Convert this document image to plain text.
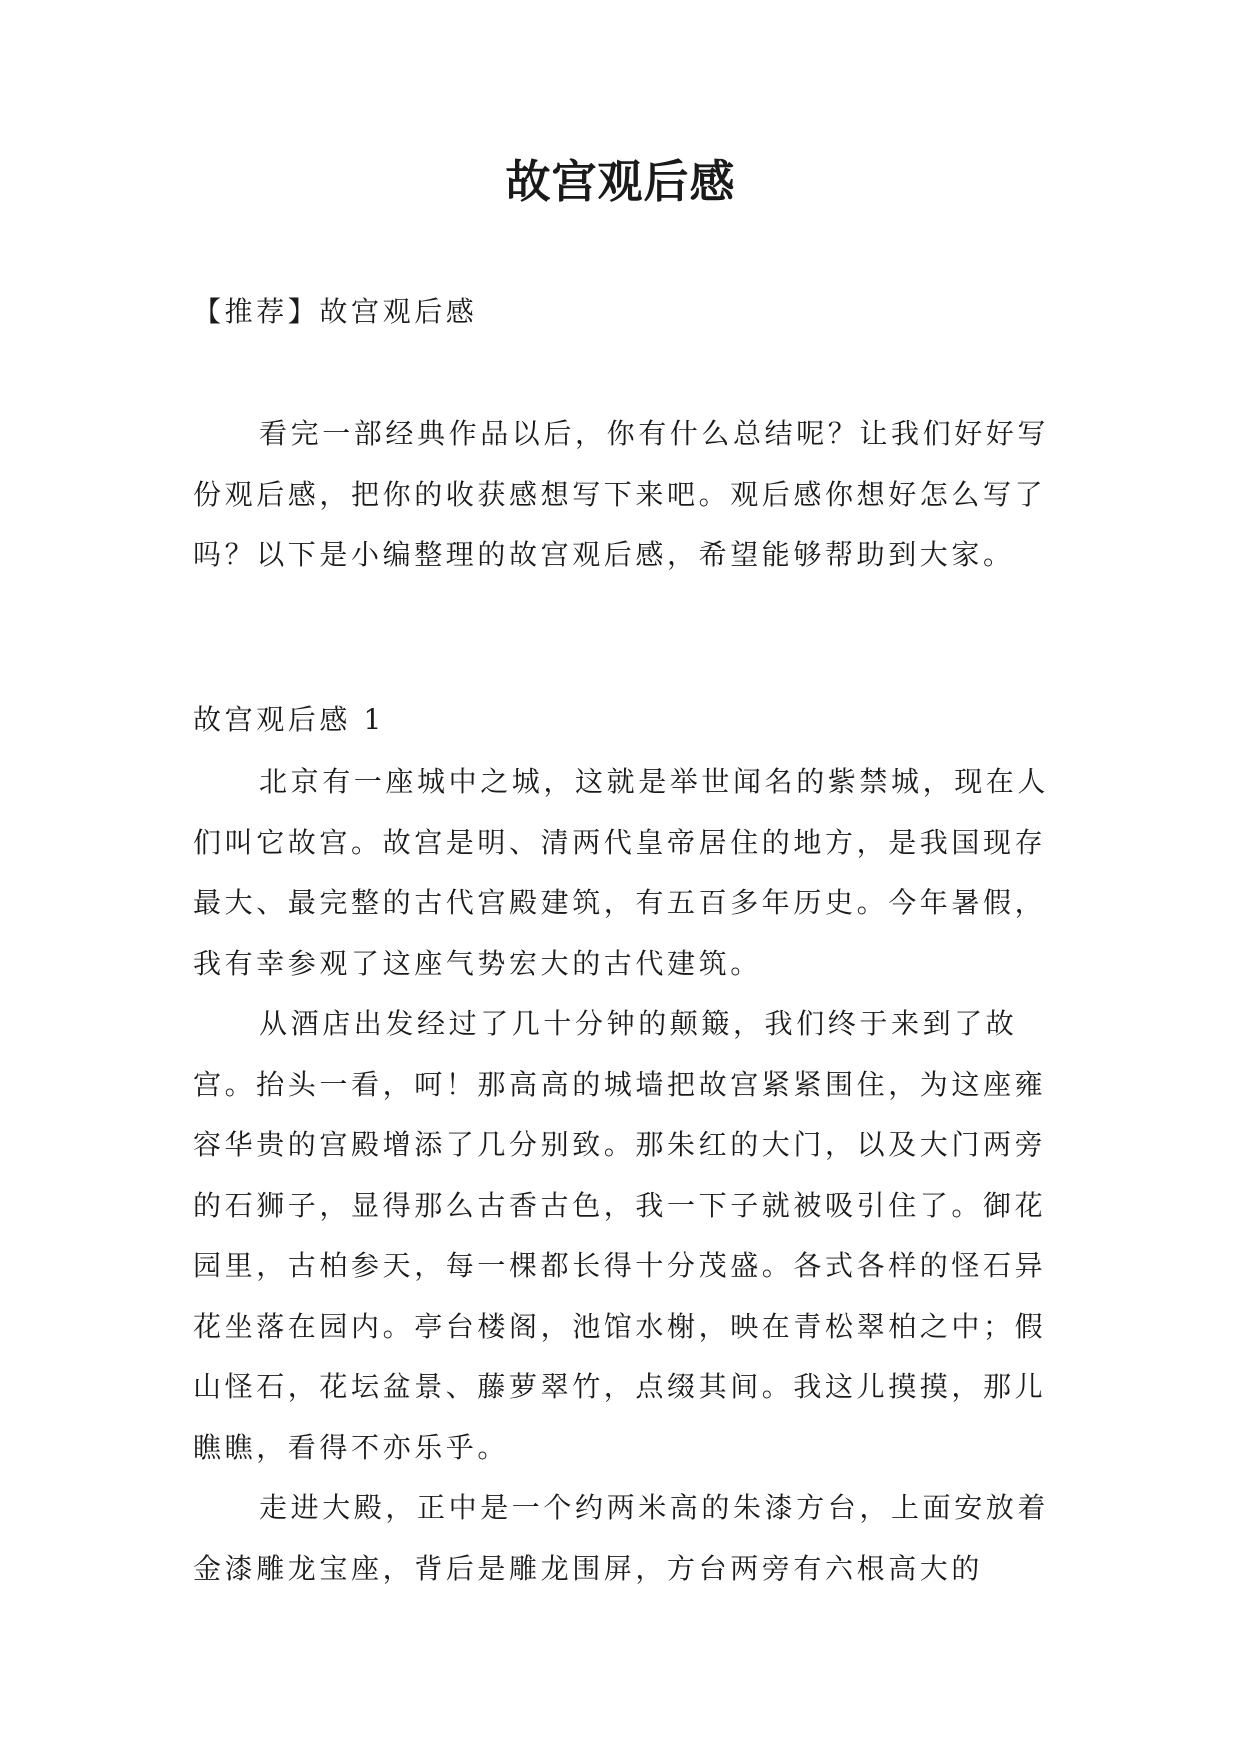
故宫观后感

【推荐】故宫观后感

看完一部经典作品以后，你有什么总结呢？让我们好好写份观后感，把你的收获感想写下来吧。观后感你想好怎么写了吗？以下是小编整理的故宫观后感，希望能够帮助到大家。

故宫观后感 1

北京有一座城中之城，这就是举世闻名的紫禁城，现在人们叫它故宫。故宫是明、清两代皇帝居住的地方，是我国现存最大、最完整的古代宫殿建筑，有五百多年历史。今年暑假，我有幸参观了这座气势宏大的古代建筑。

从酒店出发经过了几十分钟的颠簸，我们终于来到了故宫。抬头一看，呵！那高高的城墙把故宫紧紧围住，为这座雍容华贵的宫殿增添了几分别致。那朱红的大门，以及大门两旁的石狮子，显得那么古香古色，我一下子就被吸引住了。御花园里，古柏参天，每一棵都长得十分茂盛。各式各样的怪石异花坐落在园内。亭台楼阁，池馆水榭，映在青松翠柏之中；假山怪石，花坛盆景、藤萝翠竹，点缀其间。我这儿摸摸，那儿瞧瞧，看得不亦乐乎。

走进大殿，正中是一个约两米高的朱漆方台，上面安放着金漆雕龙宝座，背后是雕龙围屏，方台两旁有六根高大的
